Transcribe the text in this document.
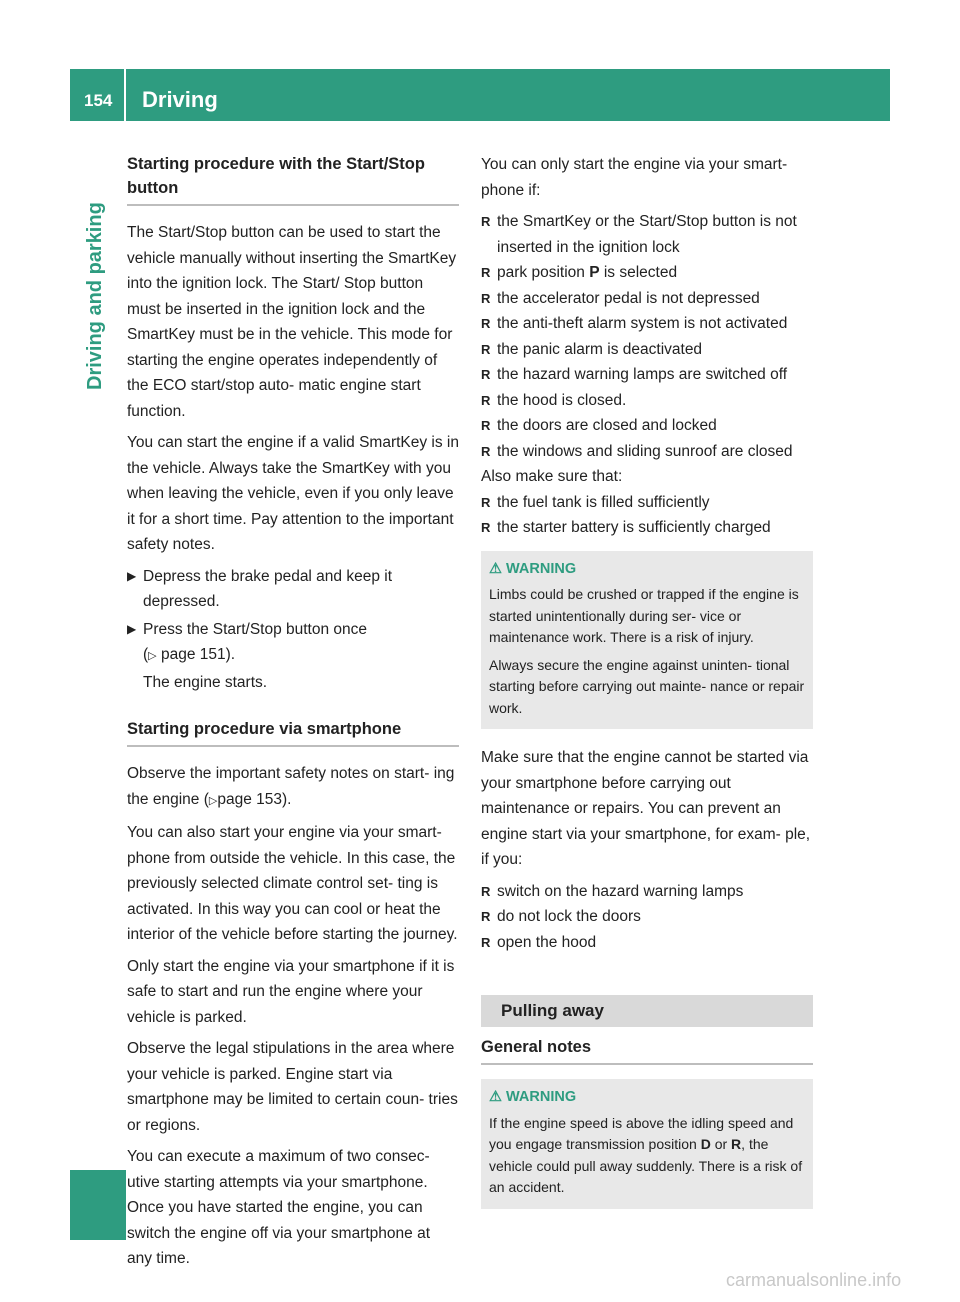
154 Driving
Driving and parking
Starting procedure with the Start/Stop button

The Start/Stop button can be used to start the vehicle manually without inserting the SmartKey into the ignition lock. The Start/ Stop button must be inserted in the ignition lock and the SmartKey must be in the vehicle. This mode for starting the engine operates independently of the ECO start/stop auto- matic engine start function.

You can start the engine if a valid SmartKey is in the vehicle. Always take the SmartKey with you when leaving the vehicle, even if you only leave it for a short time. Pay attention to the important safety notes.

▶ Depress the brake pedal and keep it depressed.
▶ Press the Start/Stop button once
(▷ page 151).
The engine starts.
Starting procedure via smartphone

Observe the important safety notes on start- ing the engine (▷page 153).

You can also start your engine via your smart- phone from outside the vehicle. In this case, the previously selected climate control set- ting is activated. In this way you can cool or heat the interior of the vehicle before starting the journey.

Only start the engine via your smartphone if it is safe to start and run the engine where your vehicle is parked.

Observe the legal stipulations in the area where your vehicle is parked. Engine start via smartphone may be limited to certain coun- tries or regions.

You can execute a maximum of two consec- utive starting attempts via your smartphone. Once you have started the engine, you can switch the engine off via your smartphone at any time.

You can only start the engine via your smart- phone if:

R the SmartKey or the Start/Stop button is not inserted in the ignition lock
R park position P is selected
R the accelerator pedal is not depressed
R the anti-theft alarm system is not activated
R the panic alarm is deactivated
R the hazard warning lamps are switched off
R the hood is closed.
R the doors are closed and locked
R the windows and sliding sunroof are closed

Also make sure that:

R the fuel tank is filled sufficiently
R the starter battery is sufficiently charged
⚠ WARNING

Limbs could be crushed or trapped if the engine is started unintentionally during ser- vice or maintenance work. There is a risk of injury.

Always secure the engine against uninten- tional starting before carrying out mainte- nance or repair work.

Make sure that the engine cannot be started via your smartphone before carrying out maintenance or repairs. You can prevent an engine start via your smartphone, for exam- ple, if you:

R switch on the hazard warning lamps
R do not lock the doors
R open the hood
Pulling away
General notes
⚠ WARNING

If the engine speed is above the idling speed and you engage transmission position D or R, the vehicle could pull away suddenly. There is a risk of an accident.

carmanualsonline.info
